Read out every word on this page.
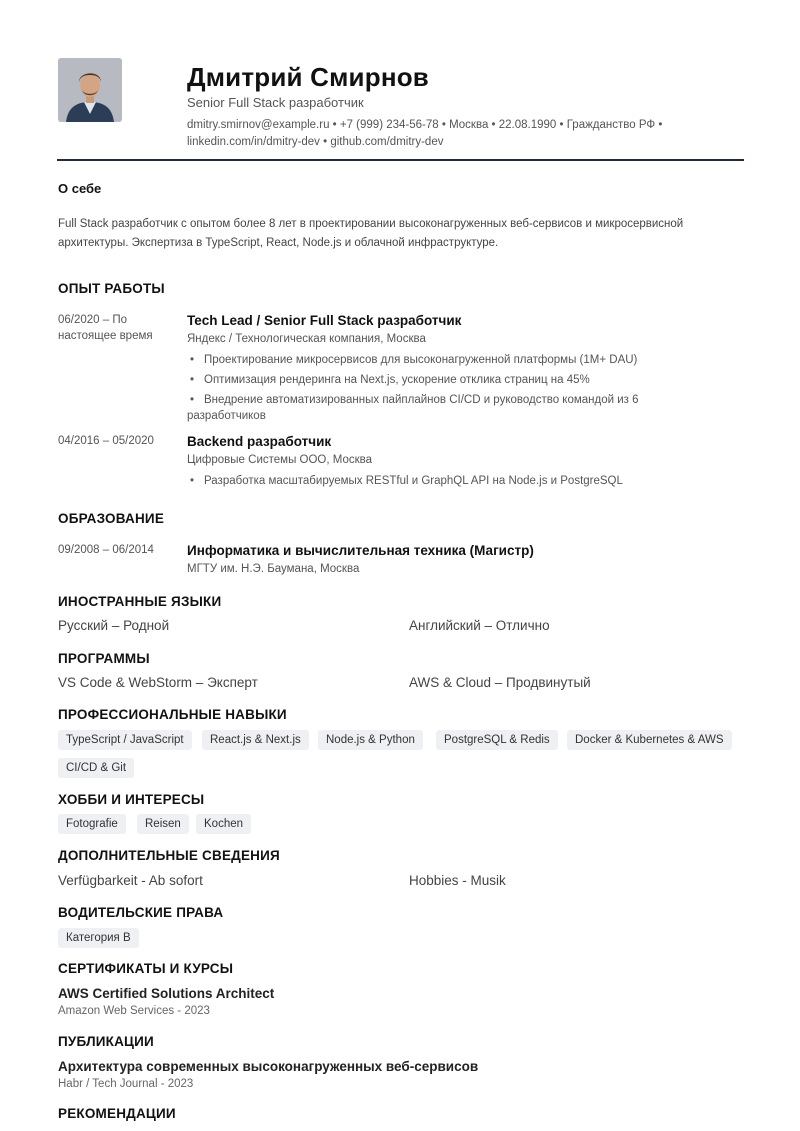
Дмитрий Смирнов
Senior Full Stack разработчик
dmitry.smirnov@example.ru • +7 (999) 234-56-78 • Москва • 22.08.1990 • Гражданство РФ •
linkedin.com/in/dmitry-dev • github.com/dmitry-dev
О себе
Full Stack разработчик с опытом более 8 лет в проектировании высоконагруженных веб-сервисов и микросервисной
архитектуры. Экспертиза в TypeScript, React, Node.js и облачной инфраструктуре.
ОПЫТ РАБОТЫ
06/2020 – По
настоящее время
Tech Lead / Senior Full Stack разработчик
Яндекс / Технологическая компания, Москва
• Проектирование микросервисов для высоконагруженной платформы (1M+ DAU)
• Оптимизация рендеринга на Next.js, ускорение отклика страниц на 45%
• Внедрение автоматизированных пайплайнов CI/CD и руководство командой из 6
разработчиков
04/2016 – 05/2020	Backend разработчик
Цифровые Системы ООО, Москва
• Разработка масштабируемых RESTful и GraphQL API на Node.js и PostgreSQL
ОБРАЗОВАНИЕ
09/2008 – 06/2014	Информатика и вычислительная техника (Магистр)
МГТУ им. Н.Э. Баумана, Москва
ИНОСТРАННЫЕ ЯЗЫКИ
Русский – Родной	Английский – Отлично
ПРОГРАММЫ
VS Code & WebStorm – Эксперт	AWS & Cloud – Продвинутый
ПРОФЕССИОНАЛЬНЫЕ НАВЫКИ
TypeScript / JavaScript	React.js & Next.js	Node.js & Python	PostgreSQL & Redis	Docker & Kubernetes & AWS
CI/CD & Git
ХОББИ И ИНТЕРЕСЫ
Fotografie	Reisen	Kochen
ДОПОЛНИТЕЛЬНЫЕ СВЕДЕНИЯ
Verfügbarkeit - Ab sofort	Hobbies - Musik
ВОДИТЕЛЬСКИЕ ПРАВА
Категория B
СЕРТИФИКАТЫ И КУРСЫ
AWS Certified Solutions Architect
Amazon Web Services - 2023
ПУБЛИКАЦИИ
Архитектура современных высоконагруженных веб-сервисов
Habr / Tech Journal - 2023
РЕКОМЕНДАЦИИ
